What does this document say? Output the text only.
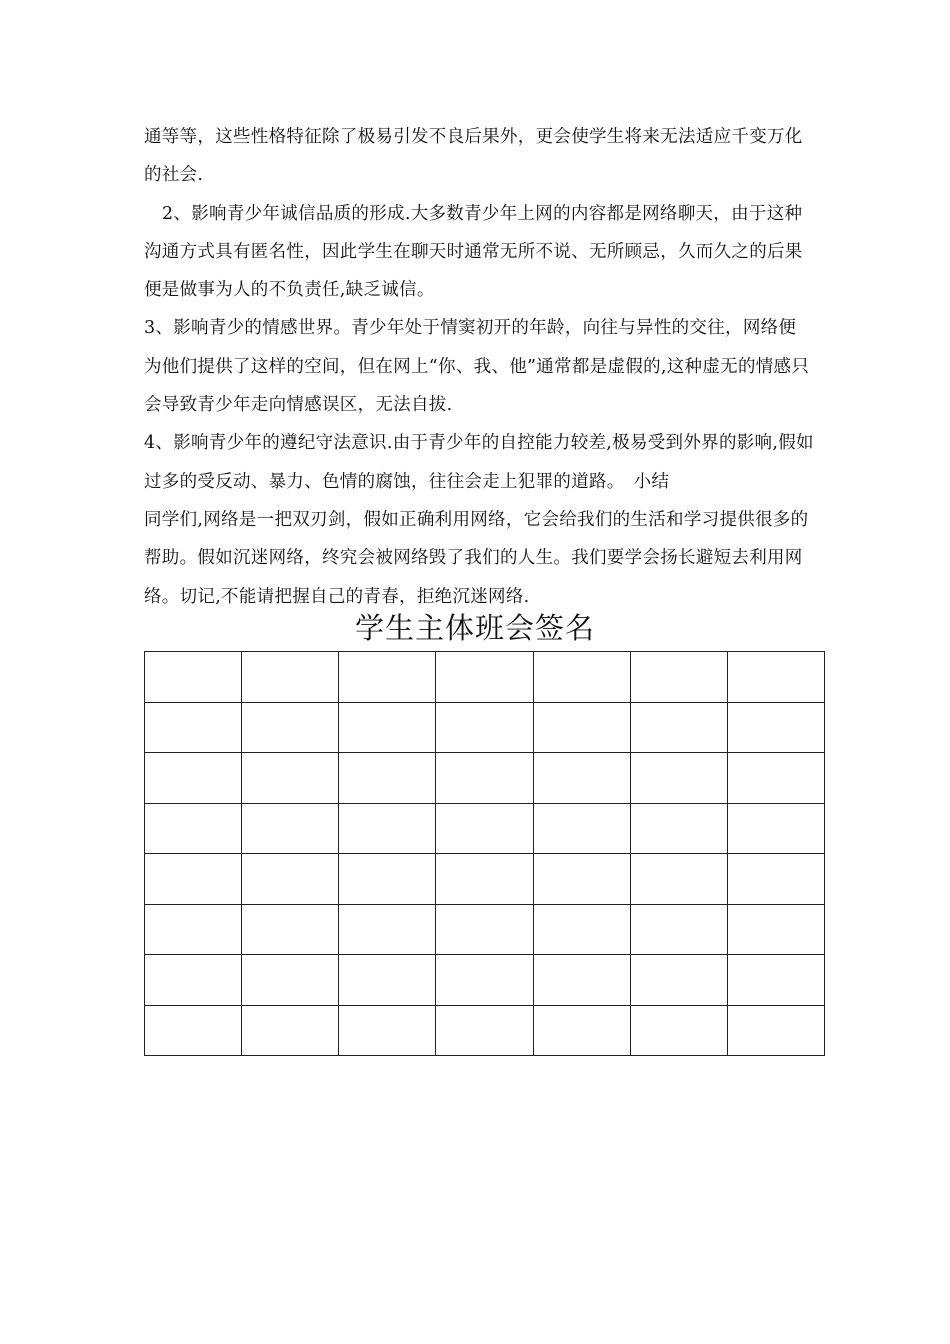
通等等，这些性格特征除了极易引发不良后果外，更会使学生将来无法适应千变万化的社会.

2、影响青少年诚信品质的形成.大多数青少年上网的内容都是网络聊天，由于这种沟通方式具有匿名性，因此学生在聊天时通常无所不说、无所顾忌，久而久之的后果便是做事为人的不负责任,缺乏诚信。

3、影响青少的情感世界。青少年处于情窦初开的年龄，向往与异性的交往，网络便为他们提供了这样的空间，但在网上“你、我、他”通常都是虚假的,这种虚无的情感只会导致青少年走向情感误区，无法自拔.

4、影响青少年的遵纪守法意识.由于青少年的自控能力较差,极易受到外界的影响,假如过多的受反动、暴力、色情的腐蚀，往往会走上犯罪的道路。　小结

同学们,网络是一把双刃剑，假如正确利用网络，它会给我们的生活和学习提供很多的帮助。假如沉迷网络，终究会被网络毁了我们的人生。我们要学会扬长避短去利用网络。切记,不能请把握自己的青春，拒绝沉迷网络.

学生主体班会签名
